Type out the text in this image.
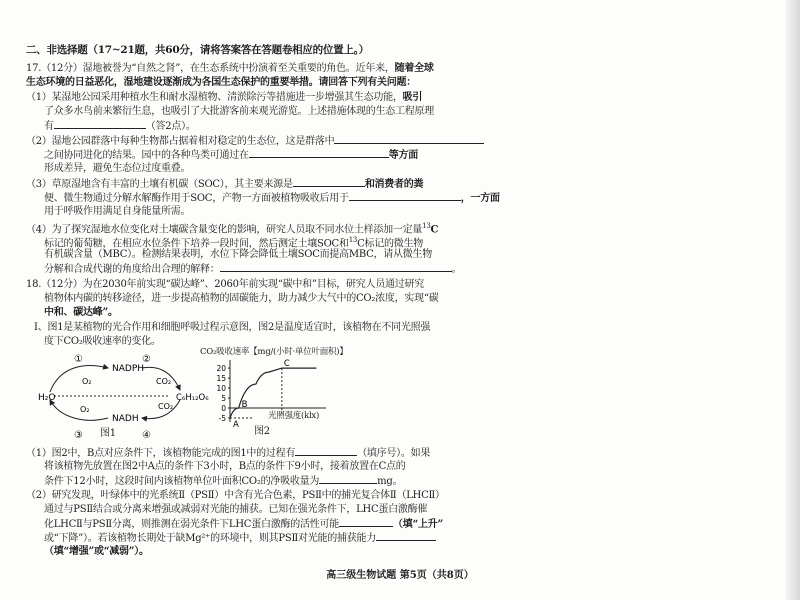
二、非选择题（17~21题，共60分，请将答案答在答题卷相应的位置上。）
17.（12分）湿地被誉为“自然之肾”，在生态系统中扮演着至关重要的角色。近年来，随着全球
生态环境的日益恶化，湿地建设逐渐成为各国生态保护的重要举措。请回答下列有关问题：
（1）某湿地公园采用种植水生和耐水湿植物、清淤除污等措施进一步增强其生态功能，吸引
了众多水鸟前来繁衍生息，也吸引了大批游客前来观光游览。上述措施体现的生态工程原理
有	（答2点）。
（2）湿地公园群落中每种生物都占据着相对稳定的生态位，这是群落中
之间协同进化的结果。园中的各种鸟类可通过在	等方面
形成差异，避免生态位过度重叠。
（3）草原湿地含有丰富的土壤有机碳（SOC），其主要来源是	和消费者的粪
便、微生物通过分解水解酶作用于SOC，产物一方面被植物吸收后用于	，一方面
用于呼吸作用满足自身能量所需。
（4）为了探究湿地水位变化对土壤碳含量变化的影响，研究人员取不同水位土样添加一定量$^{13}$C
标记的葡萄糖，在相应水位条件下培养一段时间，然后测定土壤SOC和$^{13}$C标记的微生物
有机碳含量（MBC）。检测结果表明，水位下降会降低土壤SOC而提高MBC，请从微生物
分解和合成代谢的角度给出合理的解释：	。
18.（12分）为在2030年前实现“碳达峰”、2060年前实现“碳中和”目标，研究人员通过研究
植物体内碳的转移途径，进一步提高植物的固碳能力，助力减少大气中的CO₂浓度，实现“碳
中和、碳达峰”。
Ⅰ、图1是某植物的光合作用和细胞呼吸过程示意图，图2是温度适宜时，该植物在不同光照强
度下CO₂吸收速率的变化。
H₂O
NADPH
NADH
C₆H₁₂O₆
O₂
O₂
CO₂
CO₂
①	②
③	④
图1
CO₂吸收速率【mg/(小时·单位叶面积)】
20
15
10
5
0
-5
A
B
C
光照强度(klx)
图2
（1）图2中，B点对应条件下，该植物能完成的图1中的过程有	（填序号）。如果
将该植物先放置在图2中A点的条件下3小时，B点的条件下9小时，接着放置在C点的
条件下12小时，这段时间内该植物单位叶面积CO₂的净吸收量为	mg。
（2）研究发现，叶绿体中的光系统Ⅱ（PSⅡ）中含有光合色素，PSⅡ中的捕光复合体Ⅱ（LHCⅡ）
通过与PSⅡ结合或分离来增强或减弱对光能的捕获。已知在强光条件下，LHC蛋白激酶催
化LHCⅡ与PSⅡ分离，则推测在弱光条件下LHC蛋白激酶的活性可能	（填“上升”
或“下降”）。若该植物长期处于缺Mg²⁺的环境中，则其PSⅡ对光能的捕获能力
（填“增强”或“减弱”）。
高三级生物试题 第5页（共8页）
